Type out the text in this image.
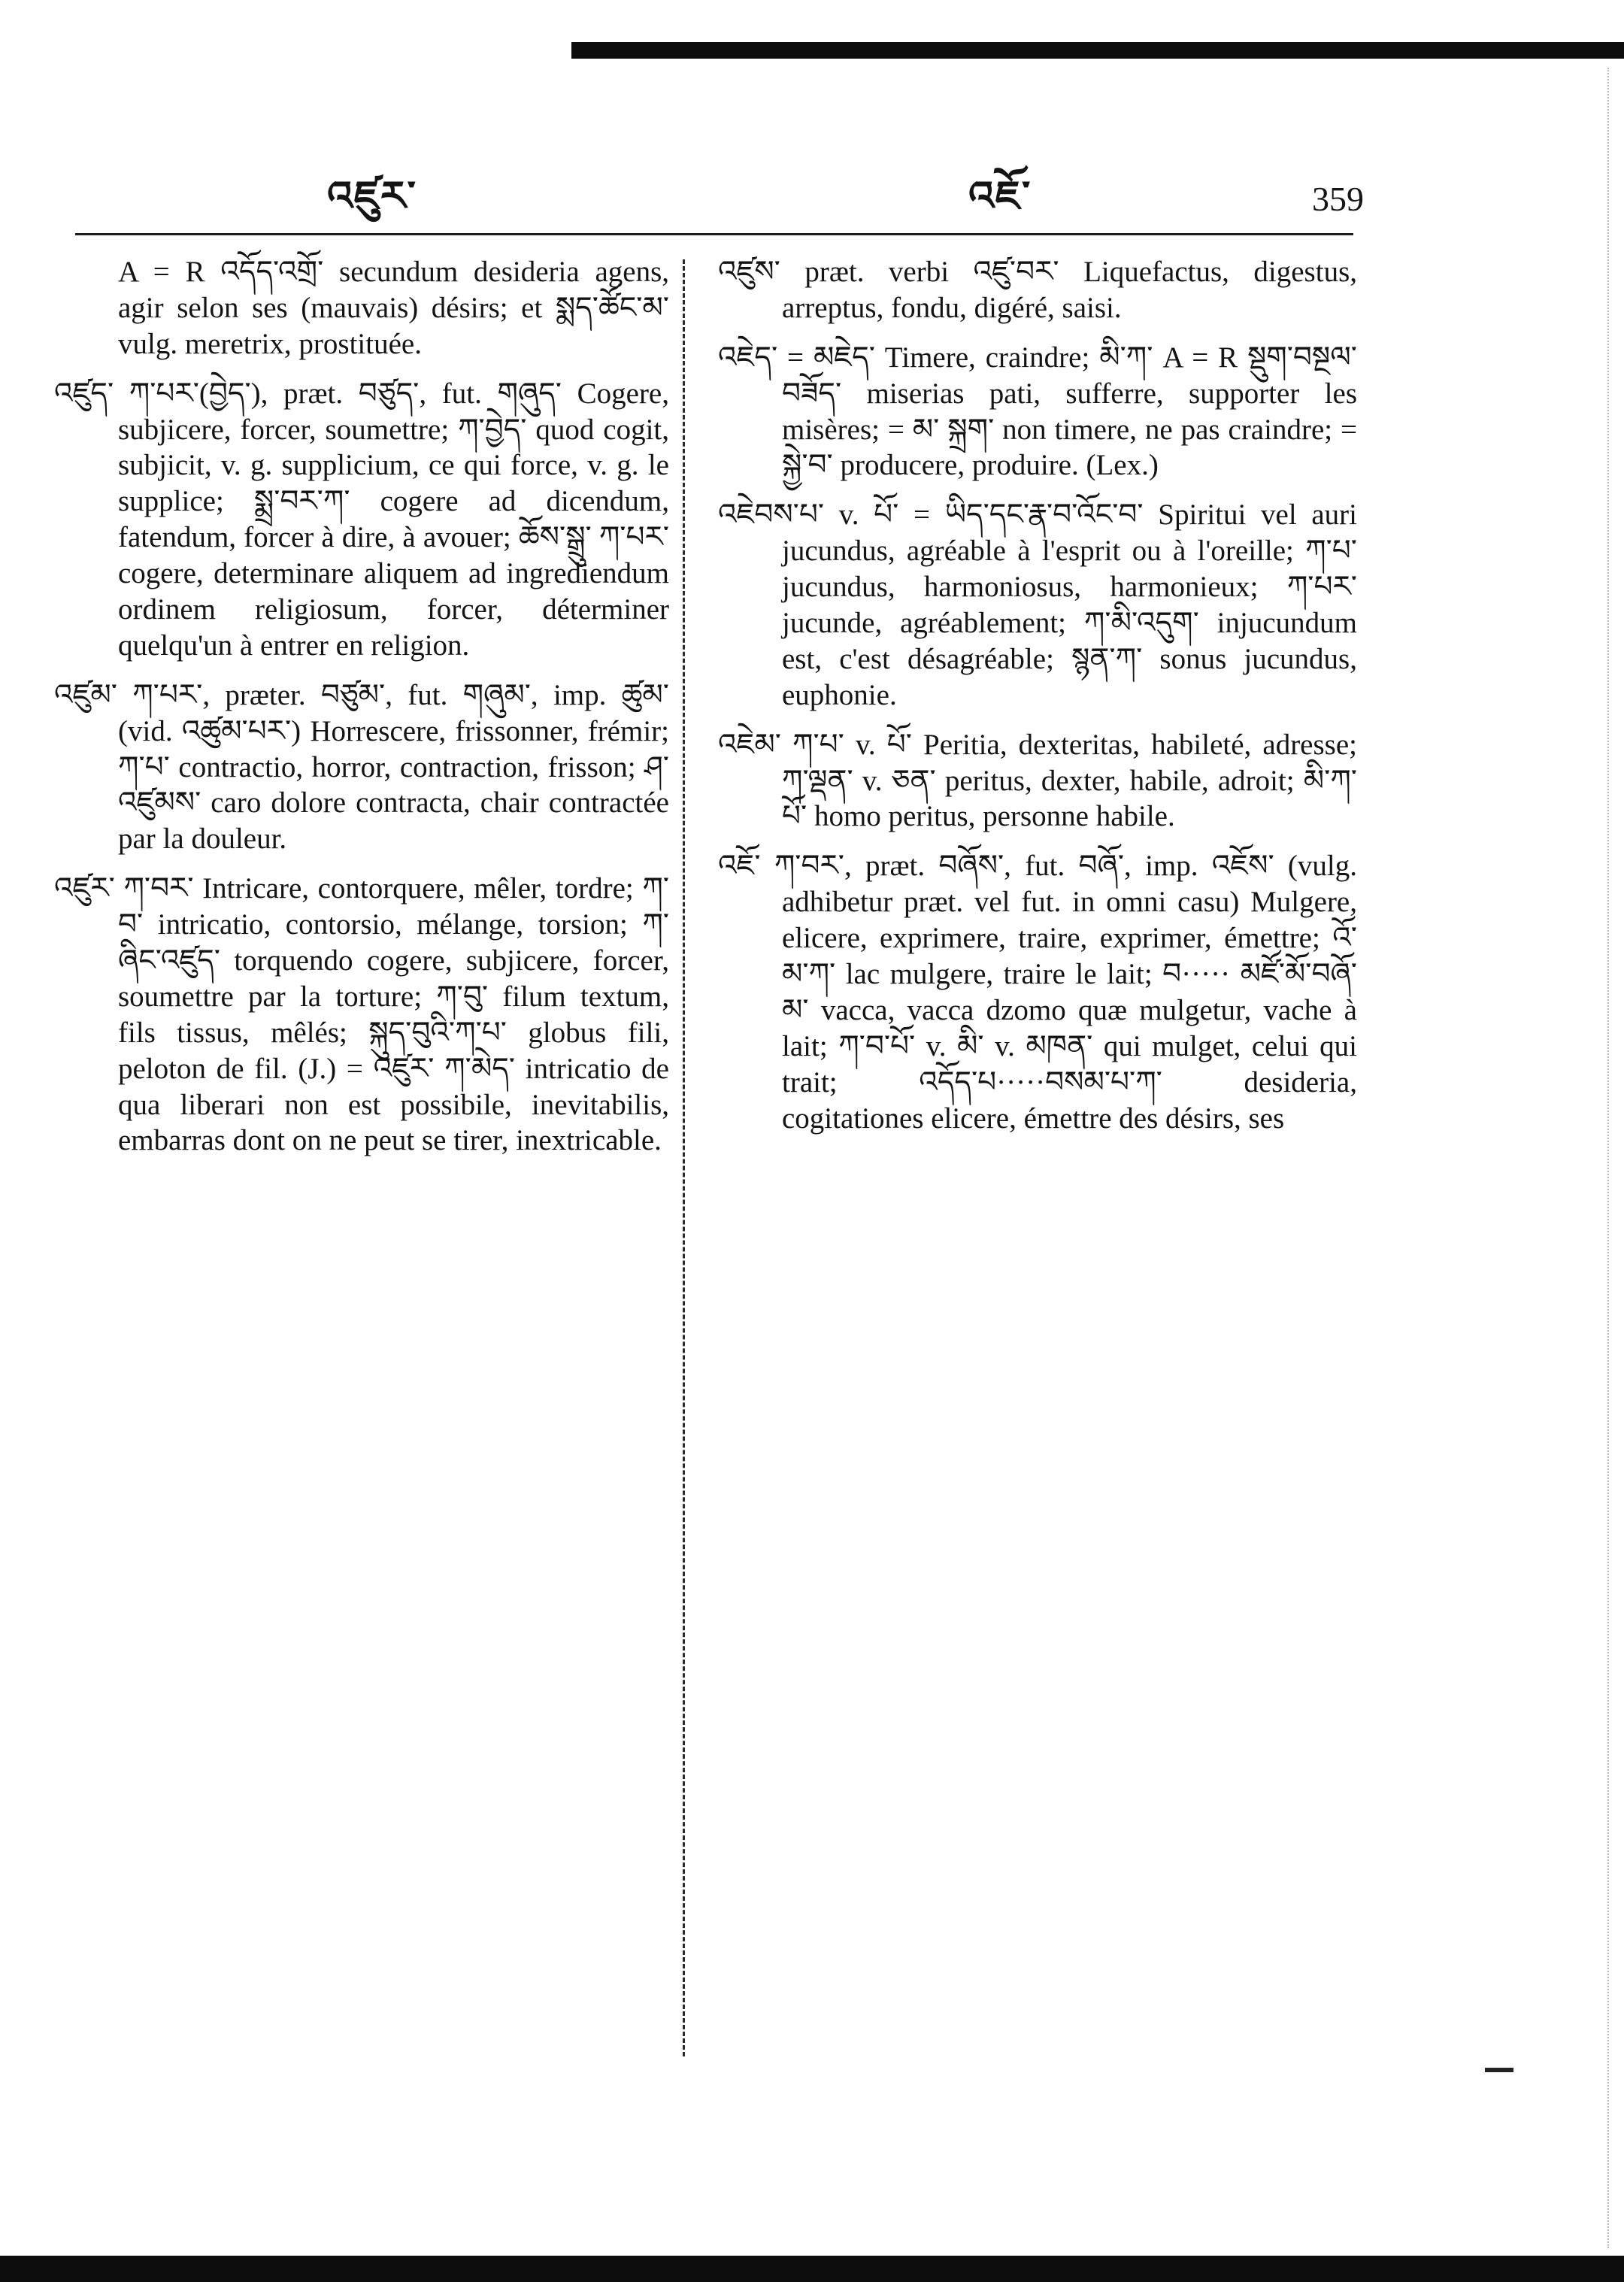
འཛུར་	འཇོ་	359

A = R འདོད་འགྲོ་ secundum desideria agens, agir selon ses (mauvais) désirs; et སྨད་ཚོང་མ་ vulg. meretrix, prostituée.

འཛུད་ ཀ་པར་(བྱེད་), præt. བཙུད་, fut. གཞུད་ Cogere, subjicere, forcer, soumettre; ཀ་བྱེད་ quod cogit, subjicit, v. g. supplicium, ce qui force, v. g. le supplice; སྨྲ་བར་ཀ་ cogere ad dicendum, fatendum, forcer à dire, à avouer; ཆོས་སྒྲུ་ ཀ་པར་ cogere, determinare aliquem ad ingrediendum ordinem religiosum, forcer, déterminer quelqu'un à entrer en religion.

འཛུམ་ ཀ་པར་, præter. བཙུམ་, fut. གཞུམ་, imp. ཚུམ་ (vid. འཚུམ་པར་) Horrescere, frissonner, frémir; ཀ་པ་ contractio, horror, contraction, frisson; ཤ་འཛུམས་ caro dolore contracta, chair contractée par la douleur.

འཛུར་ ཀ་བར་ Intricare, contorquere, mêler, tordre; ཀ་བ་ intricatio, contorsio, mélange, torsion; ཀ་ཞིང་འཛུད་ torquendo cogere, subjicere, forcer, soumettre par la torture; ཀ་བུ་ filum textum, fils tissus, mêlés; སྐུད་བུའི་ཀ་པ་ globus fili, peloton de fil. (J.) = འཛུར་ ཀ་མེད་ intricatio de qua liberari non est possibile, inevitabilis, embarras dont on ne peut se tirer, inextricable.

འཛུས་ præt. verbi འཛུ་བར་ Liquefactus, digestus, arreptus, fondu, digéré, saisi.

འཇེད་ = མཇེད་ Timere, craindre; མི་ཀ་ A = R སྡུག་བསྔལ་བཟོད་ miserias pati, sufferre, supporter les misères; = མ་ སྐྲག་ non timere, ne pas craindre; = སྐྱེ་བ་ producere, produire. (Lex.)

འཇེབས་པ་ v. པོ་ = ཡིད་དང་རྣ་བ་འོང་བ་ Spiritui vel auri jucundus, agréable à l'esprit ou à l'oreille; ཀ་པ་ jucundus, harmoniosus, harmonieux; ཀ་པར་ jucunde, agréablement; ཀ་མི་འདུག་ injucundum est, c'est désagréable; སྙན་ཀ་ sonus jucundus, euphonie.

འཇེམ་ ཀ་པ་ v. པོ་ Peritia, dexteritas, habileté, adresse; ཀ་ལྡན་ v. ཅན་ peritus, dexter, habile, adroit; མི་ཀ་པོ་ homo peritus, personne habile.

འཇོ་ ཀ་བར་, præt. བཞོས་, fut. བཞོ་, imp. འཇོས་ (vulg. adhibetur præt. vel fut. in omni casu) Mulgere, elicere, exprimere, traire, exprimer, émettre; འོ་ མ་ཀ་ lac mulgere, traire le lait; བ····· མཛོ་མོ་བཞོ་མ་ vacca, vacca dzomo quæ mulgetur, vache à lait; ཀ་བ་པོ་ v. མི་ v. མཁན་ qui mulget, celui qui trait; འདོད་པ·····བསམ་པ་ཀ་ desideria, cogitationes elicere, émettre des désirs, ses
